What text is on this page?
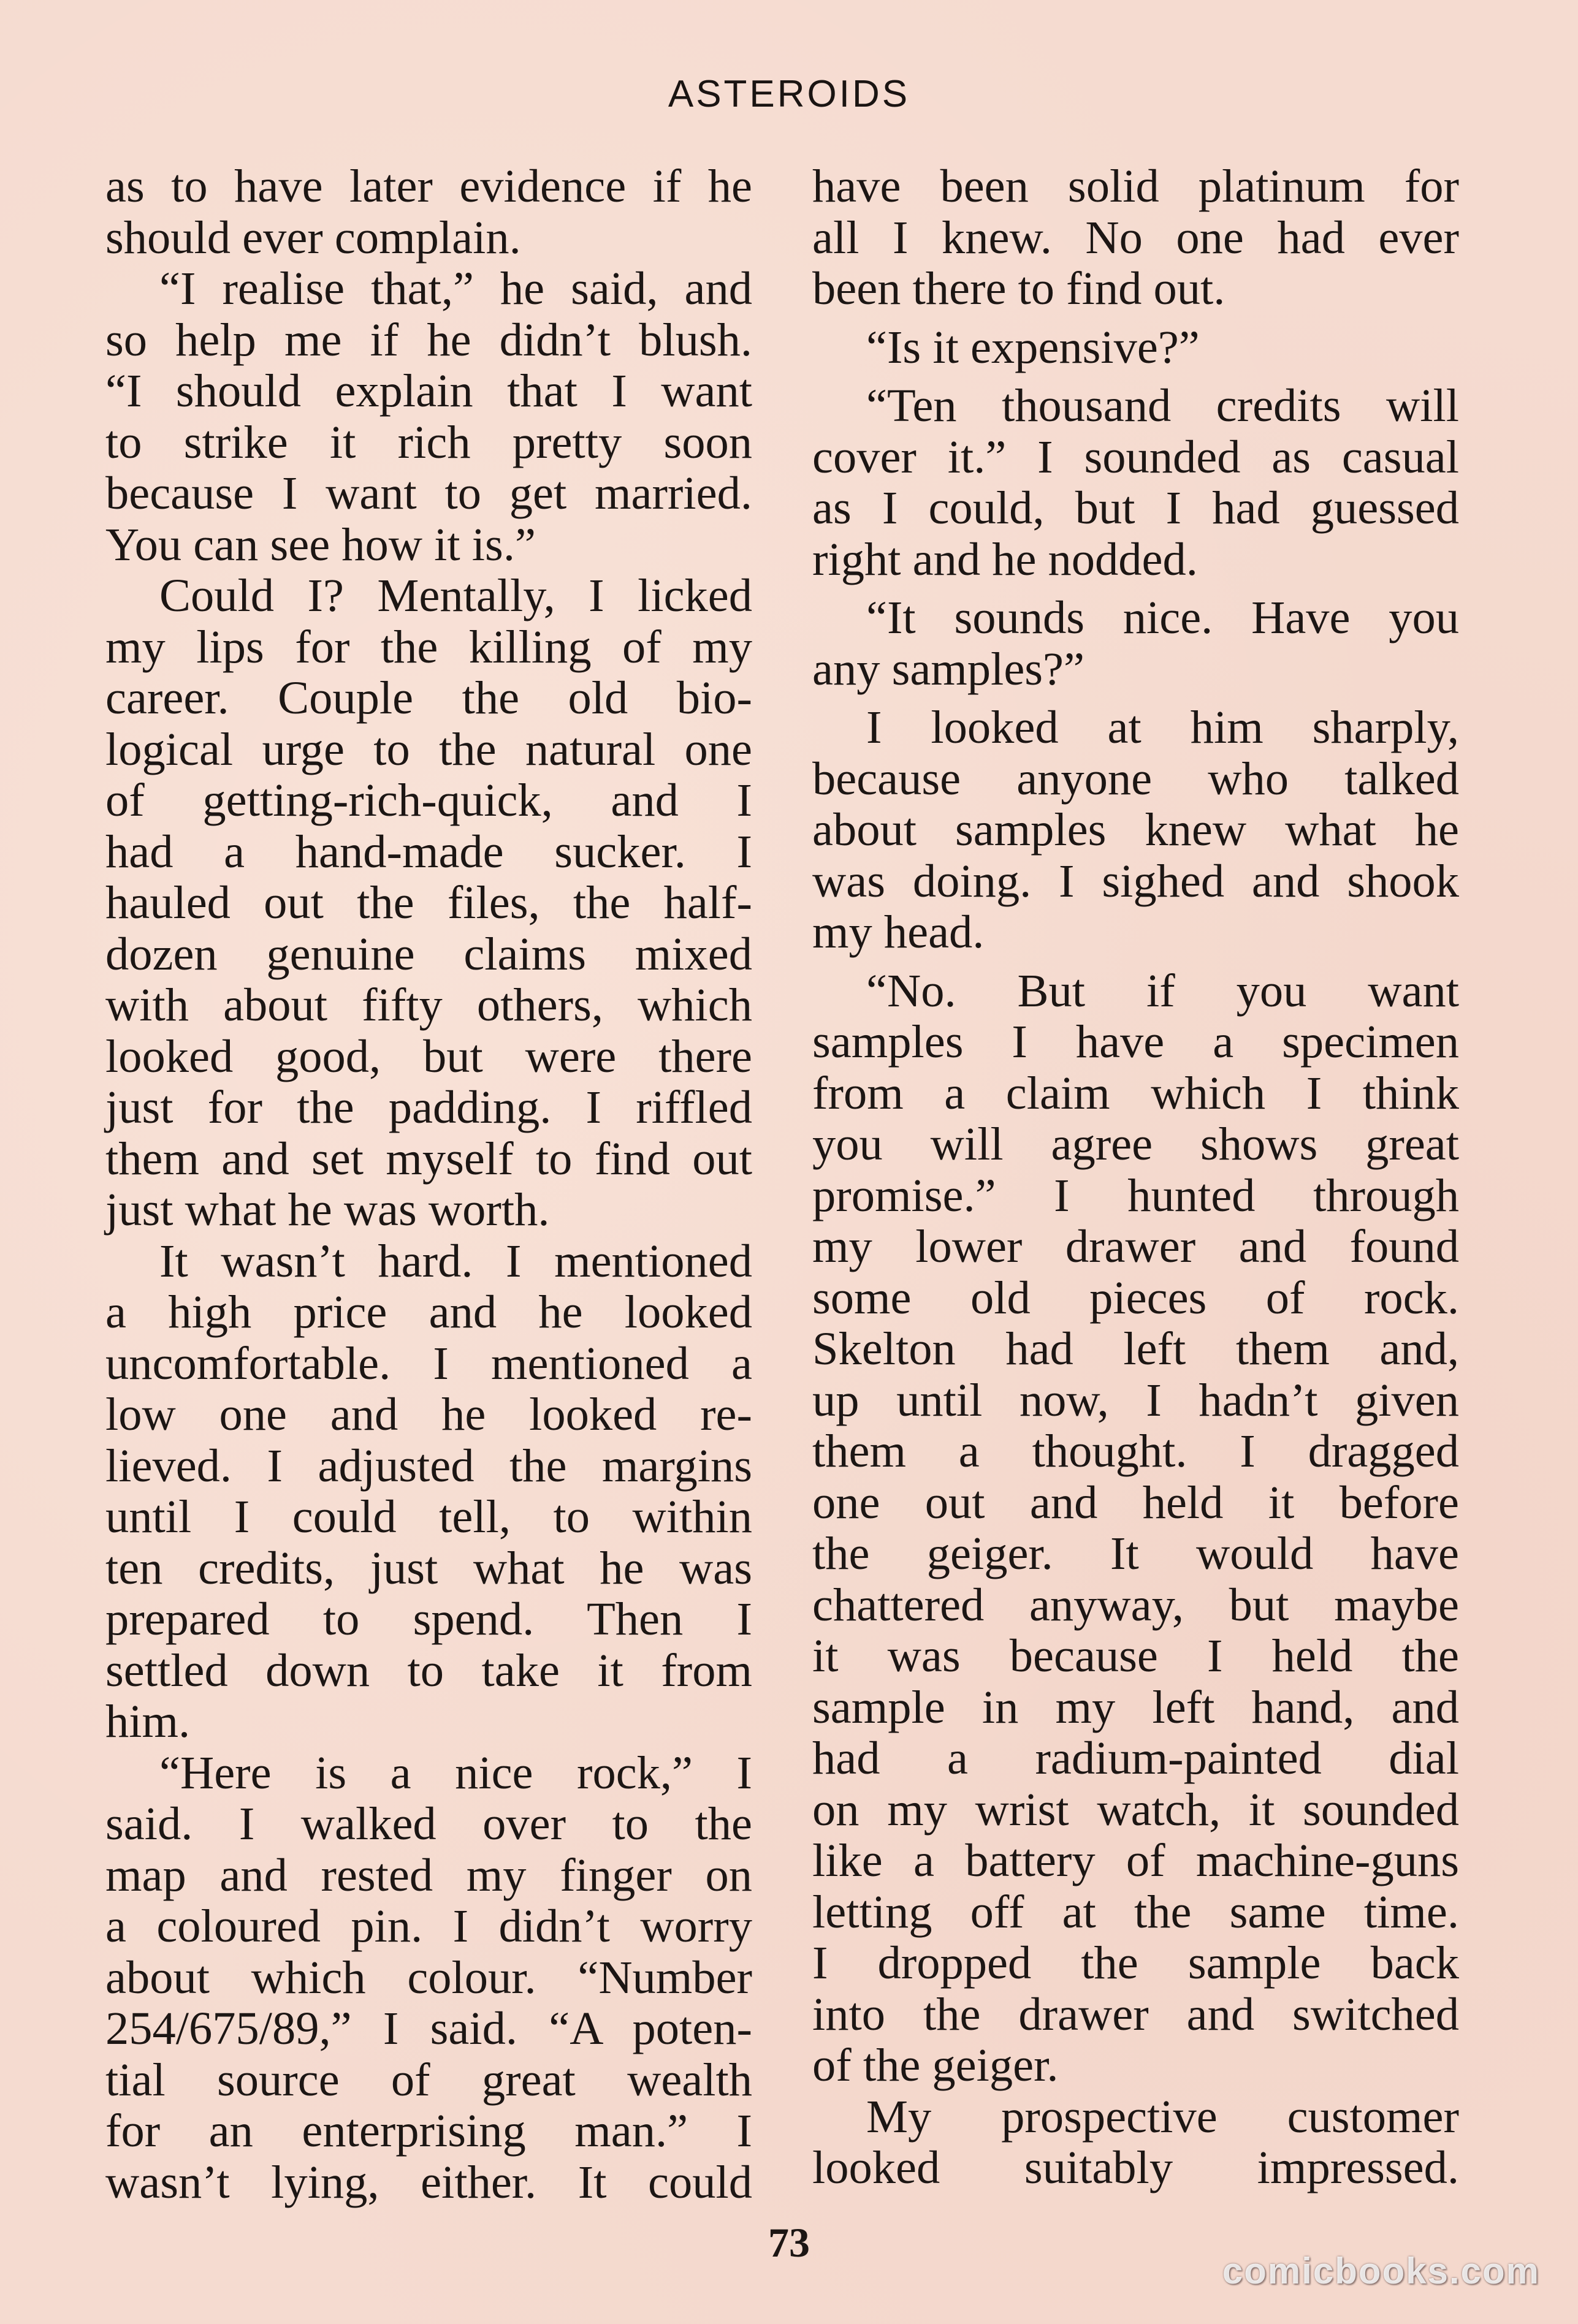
ASTEROIDS
as to have later evidence if he
should ever complain.
“I realise that,” he said, and
so help me if he didn’t blush.
“I should explain that I want
to strike it rich pretty soon
because I want to get married.
You can see how it is.”
Could I? Mentally, I licked
my lips for the killing of my
career. Couple the old bio-
logical urge to the natural one
of getting-rich-quick, and I
had a hand-made sucker. I
hauled out the files, the half-
dozen genuine claims mixed
with about fifty others, which
looked good, but were there
just for the padding. I riffled
them and set myself to find out
just what he was worth.
It wasn’t hard. I mentioned
a high price and he looked
uncomfortable. I mentioned a
low one and he looked re-
lieved. I adjusted the margins
until I could tell, to within
ten credits, just what he was
prepared to spend. Then I
settled down to take it from
him.
“Here is a nice rock,” I
said. I walked over to the
map and rested my finger on
a coloured pin. I didn’t worry
about which colour. “Number
254/675/89,” I said. “A poten-
tial source of great wealth
for an enterprising man.” I
wasn’t lying, either. It could
have been solid platinum for
all I knew. No one had ever
been there to find out.
“Is it expensive?”
“Ten thousand credits will
cover it.” I sounded as casual
as I could, but I had guessed
right and he nodded.
“It sounds nice. Have you
any samples?”
I looked at him sharply,
because anyone who talked
about samples knew what he
was doing. I sighed and shook
my head.
“No. But if you want
samples I have a specimen
from a claim which I think
you will agree shows great
promise.” I hunted through
my lower drawer and found
some old pieces of rock.
Skelton had left them and,
up until now, I hadn’t given
them a thought. I dragged
one out and held it before
the geiger. It would have
chattered anyway, but maybe
it was because I held the
sample in my left hand, and
had a radium-painted dial
on my wrist watch, it sounded
like a battery of machine-guns
letting off at the same time.
I dropped the sample back
into the drawer and switched
of the geiger.
My prospective customer
looked suitably impressed.
73
comicbooks.com
